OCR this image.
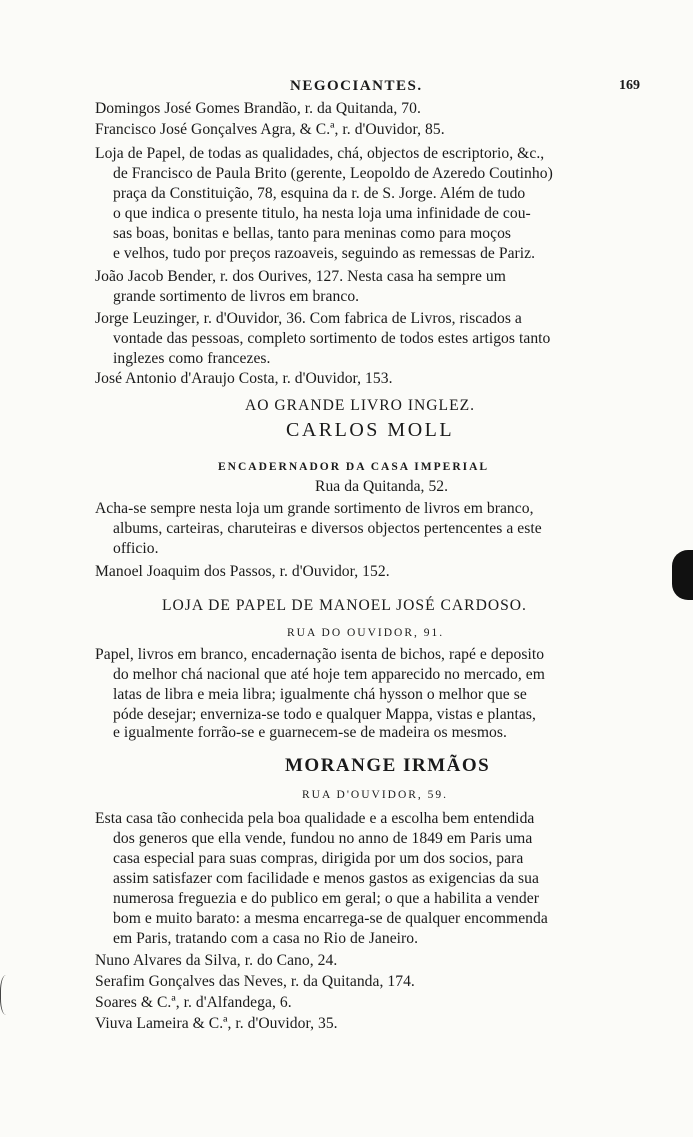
NEGOCIANTES.	169
Domingos José Gomes Brandão, r. da Quitanda, 70.
Francisco José Gonçalves Agra, & C.ª, r. d'Ouvidor, 85.
Loja de Papel, de todas as qualidades, chá, objectos de escriptorio, &c.,
de Francisco de Paula Brito (gerente, Leopoldo de Azeredo Coutinho)
praça da Constituição, 78, esquina da r. de S. Jorge. Além de tudo
o que indica o presente titulo, ha nesta loja uma infinidade de cou-
sas boas, bonitas e bellas, tanto para meninas como para moços
e velhos, tudo por preços razoaveis, seguindo as remessas de Pariz.
João Jacob Bender, r. dos Ourives, 127. Nesta casa ha sempre um
grande sortimento de livros em branco.
Jorge Leuzinger, r. d'Ouvidor, 36. Com fabrica de Livros, riscados a
vontade das pessoas, completo sortimento de todos estes artigos tanto
inglezes como francezes.
José Antonio d'Araujo Costa, r. d'Ouvidor, 153.
AO GRANDE LIVRO INGLEZ.
CARLOS MOLL
ENCADERNADOR DA CASA IMPERIAL
Rua da Quitanda, 52.
Acha-se sempre nesta loja um grande sortimento de livros em branco,
albums, carteiras, charuteiras e diversos objectos pertencentes a este
officio.
Manoel Joaquim dos Passos, r. d'Ouvidor, 152.
LOJA DE PAPEL DE MANOEL JOSÉ CARDOSO.
RUA DO OUVIDOR, 91.
Papel, livros em branco, encadernação isenta de bichos, rapé e deposito
do melhor chá nacional que até hoje tem apparecido no mercado, em
latas de libra e meia libra; igualmente chá hysson o melhor que se
póde desejar; enverniza-se todo e qualquer Mappa, vistas e plantas,
e igualmente forrão-se e guarnecem-se de madeira os mesmos.
MORANGE IRMÃOS
RUA D'OUVIDOR, 59.
Esta casa tão conhecida pela boa qualidade e a escolha bem entendida
dos generos que ella vende, fundou no anno de 1849 em Paris uma
casa especial para suas compras, dirigida por um dos socios, para
assim satisfazer com facilidade e menos gastos as exigencias da sua
numerosa freguezia e do publico em geral; o que a habilita a vender
bom e muito barato: a mesma encarrega-se de qualquer encommenda
em Paris, tratando com a casa no Rio de Janeiro.
Nuno Alvares da Silva, r. do Cano, 24.
Serafim Gonçalves das Neves, r. da Quitanda, 174.
Soares & C.ª, r. d'Alfandega, 6.
Viuva Lameira & C.ª, r. d'Ouvidor, 35.
